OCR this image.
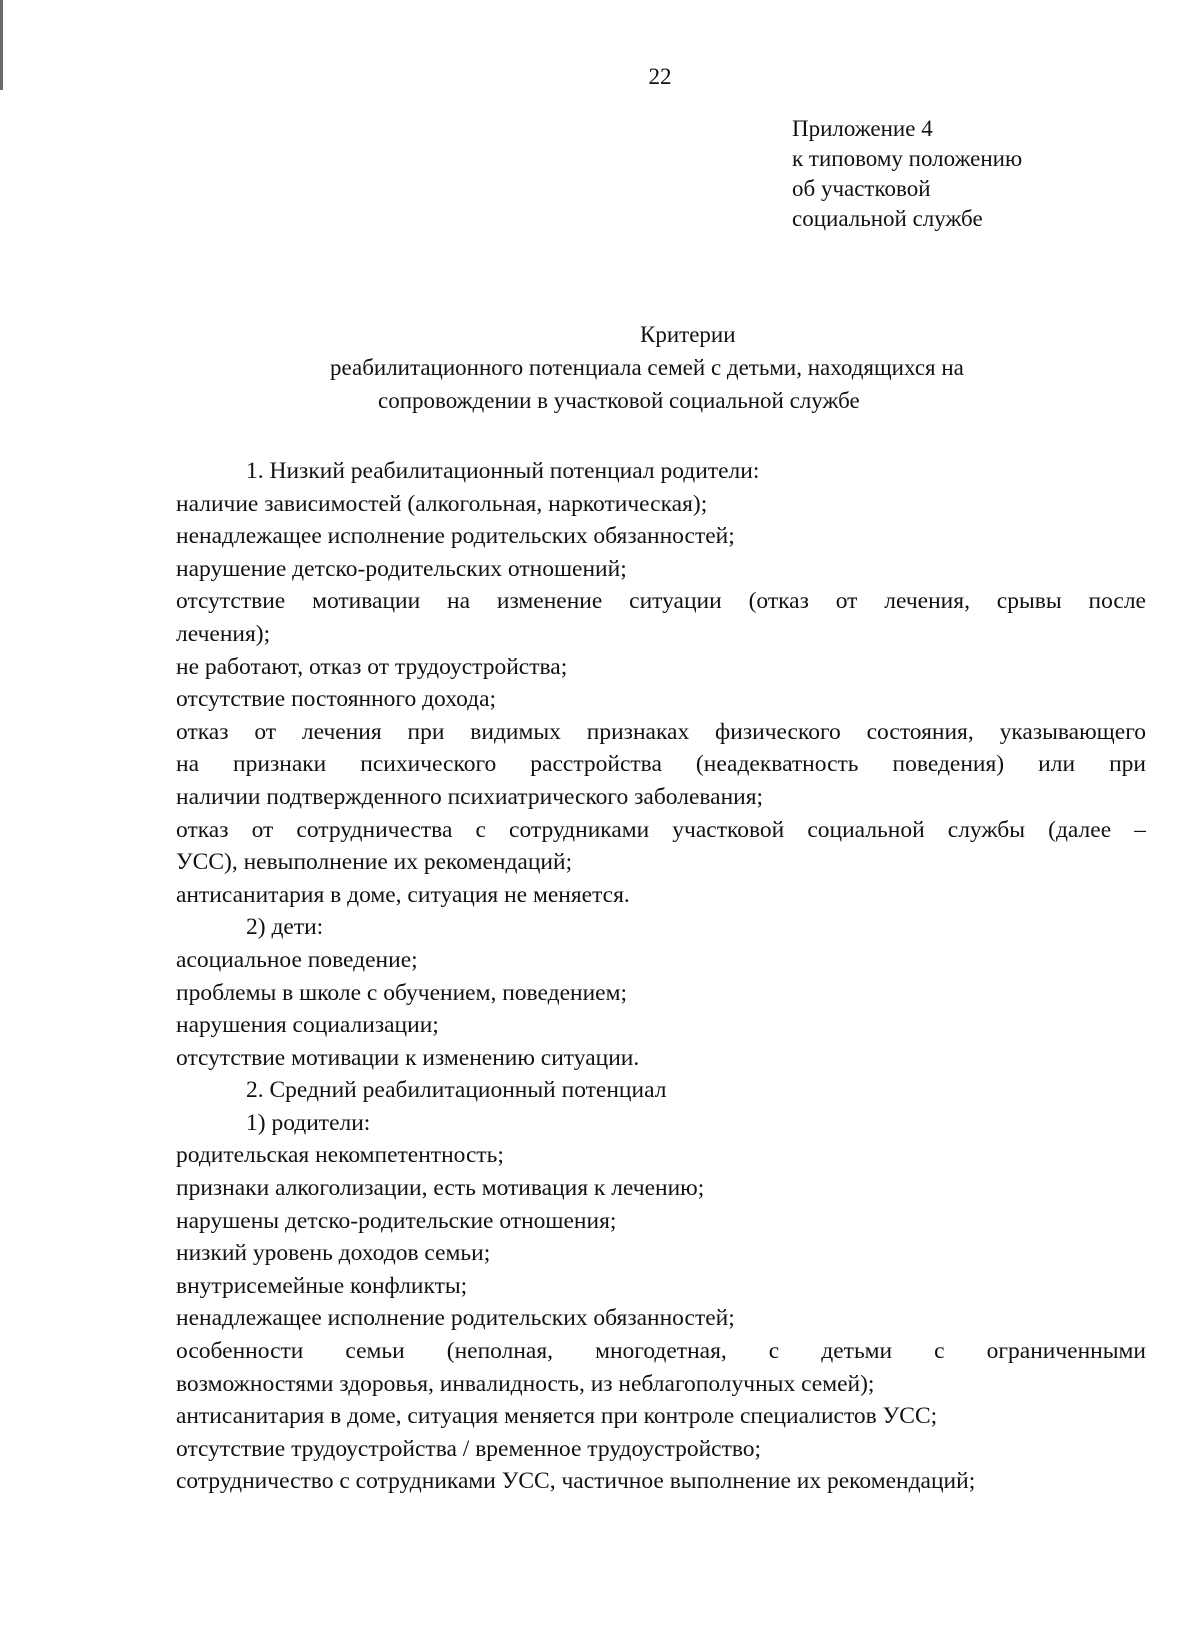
22
Приложение 4
к типовому положению
об участковой
социальной службе
Критерии
реабилитационного потенциала семей с детьми, находящихся на
сопровождении в участковой социальной службе
1. Низкий реабилитационный потенциал родители:
наличие зависимостей (алкогольная, наркотическая);
ненадлежащее исполнение родительских обязанностей;
нарушение детско-родительских отношений;
отсутствие мотивации на изменение ситуации (отказ от лечения, срывы после
лечения);
не работают, отказ от трудоустройства;
отсутствие постоянного дохода;
отказ от лечения при видимых признаках физического состояния, указывающего
на признаки психического расстройства (неадекватность поведения) или при
наличии подтвержденного психиатрического заболевания;
отказ от сотрудничества с сотрудниками участковой социальной службы (далее –
УСС), невыполнение их рекомендаций;
антисанитария в доме, ситуация не меняется.
2) дети:
асоциальное поведение;
проблемы в школе с обучением, поведением;
нарушения социализации;
отсутствие мотивации к изменению ситуации.
2. Средний реабилитационный потенциал
1) родители:
родительская некомпетентность;
признаки алкоголизации, есть мотивация к лечению;
нарушены детско-родительские отношения;
низкий уровень доходов семьи;
внутрисемейные конфликты;
ненадлежащее исполнение родительских обязанностей;
особенности семьи (неполная, многодетная, с детьми с ограниченными
возможностями здоровья, инвалидность, из неблагополучных семей);
антисанитария в доме, ситуация меняется при контроле специалистов УСС;
отсутствие трудоустройства / временное трудоустройство;
сотрудничество с сотрудниками УСС, частичное выполнение их рекомендаций;
